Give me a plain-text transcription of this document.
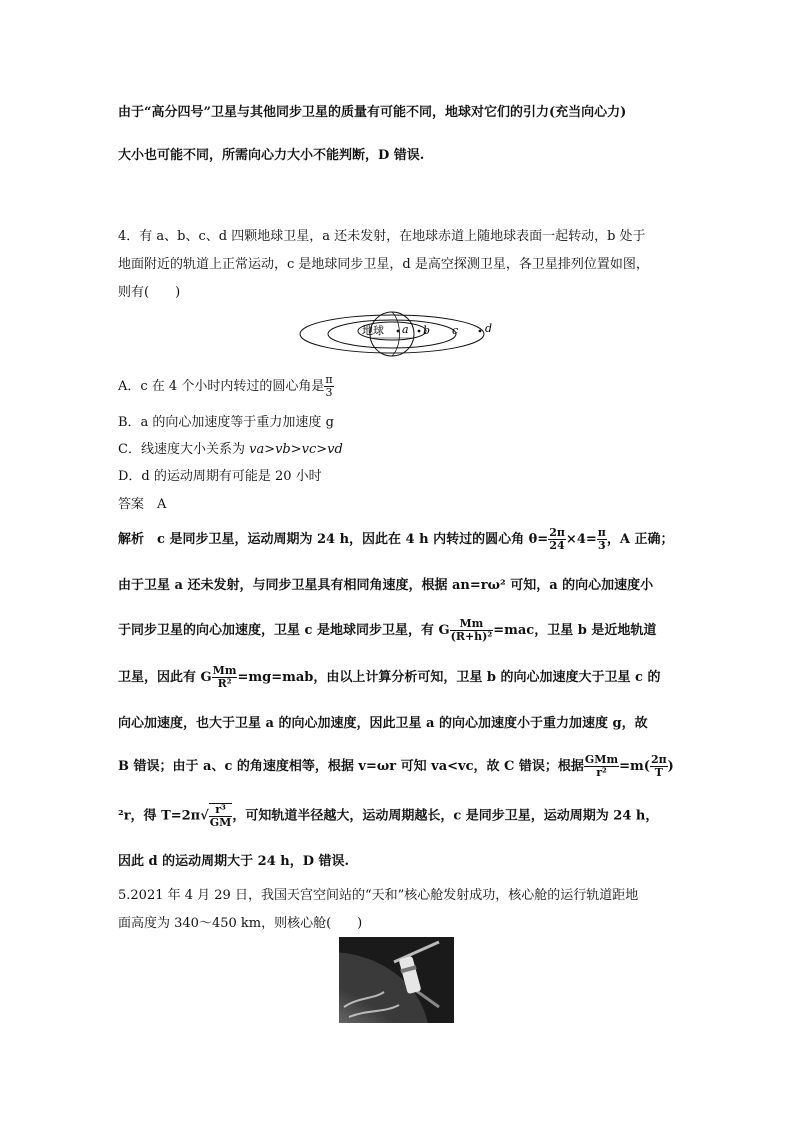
由于“高分四号”卫星与其他同步卫星的质量有可能不同，地球对它们的引力(充当向心力)
大小也可能不同，所需向心力大小不能判断，D 错误.
4．有 a、b、c、d 四颗地球卫星，a 还未发射，在地球赤道上随地球表面一起转动，b 处于
地面附近的轨道上正常运动，c 是地球同步卫星，d 是高空探测卫星，各卫星排列位置如图，
则有(　　)
地球 a b c d
A．c 在 4 个小时内转过的圆心角是 $\frac{\pi}{3}$
B．a 的向心加速度等于重力加速度 g
C．线速度大小关系为 va>vb>vc>vd
D．d 的运动周期有可能是 20 小时
答案　A
解析　c 是同步卫星，运动周期为 24 h，因此在 4 h 内转过的圆心角 $\theta= \frac{2\pi}{24} \times 4= \frac{\pi}{3}$ ，A 正确；
由于卫星 a 还未发射，与同步卫星具有相同角速度，根据 an=rω² 可知，a 的向心加速度小
于同步卫星的向心加速度，卫星 c 是地球同步卫星，有 G $\frac{Mm}{\text{(R+h)²}} =mac$，卫星 b 是近地轨道
卫星，因此有 G $\frac{Mm}{\text{R²}} =mg=mab$，由以上计算分析可知，卫星 b 的向心加速度大于卫星 c 的
向心加速度，也大于卫星 a 的向心加速度，因此卫星 a 的向心加速度小于重力加速度 g，故
B 错误；由于 a、c 的角速度相等，根据 v=ωr 可知 va<vc，故 C 错误；根据 $\frac{\text{GMm}}{\text{r²}} =m( \frac{2\pi}{T}$ )
²r，得 $T=2\pi√ \frac{\text{r³}}{GM}$ ，可知轨道半径越大，运动周期越长，c 是同步卫星，运动周期为 24 h，
因此 d 的运动周期大于 24 h，D 错误.
5.2021 年 4 月 29 日，我国天宫空间站的“天和”核心舱发射成功，核心舱的运行轨道距地
面高度为 340～450 km，则核心舱(　　)
